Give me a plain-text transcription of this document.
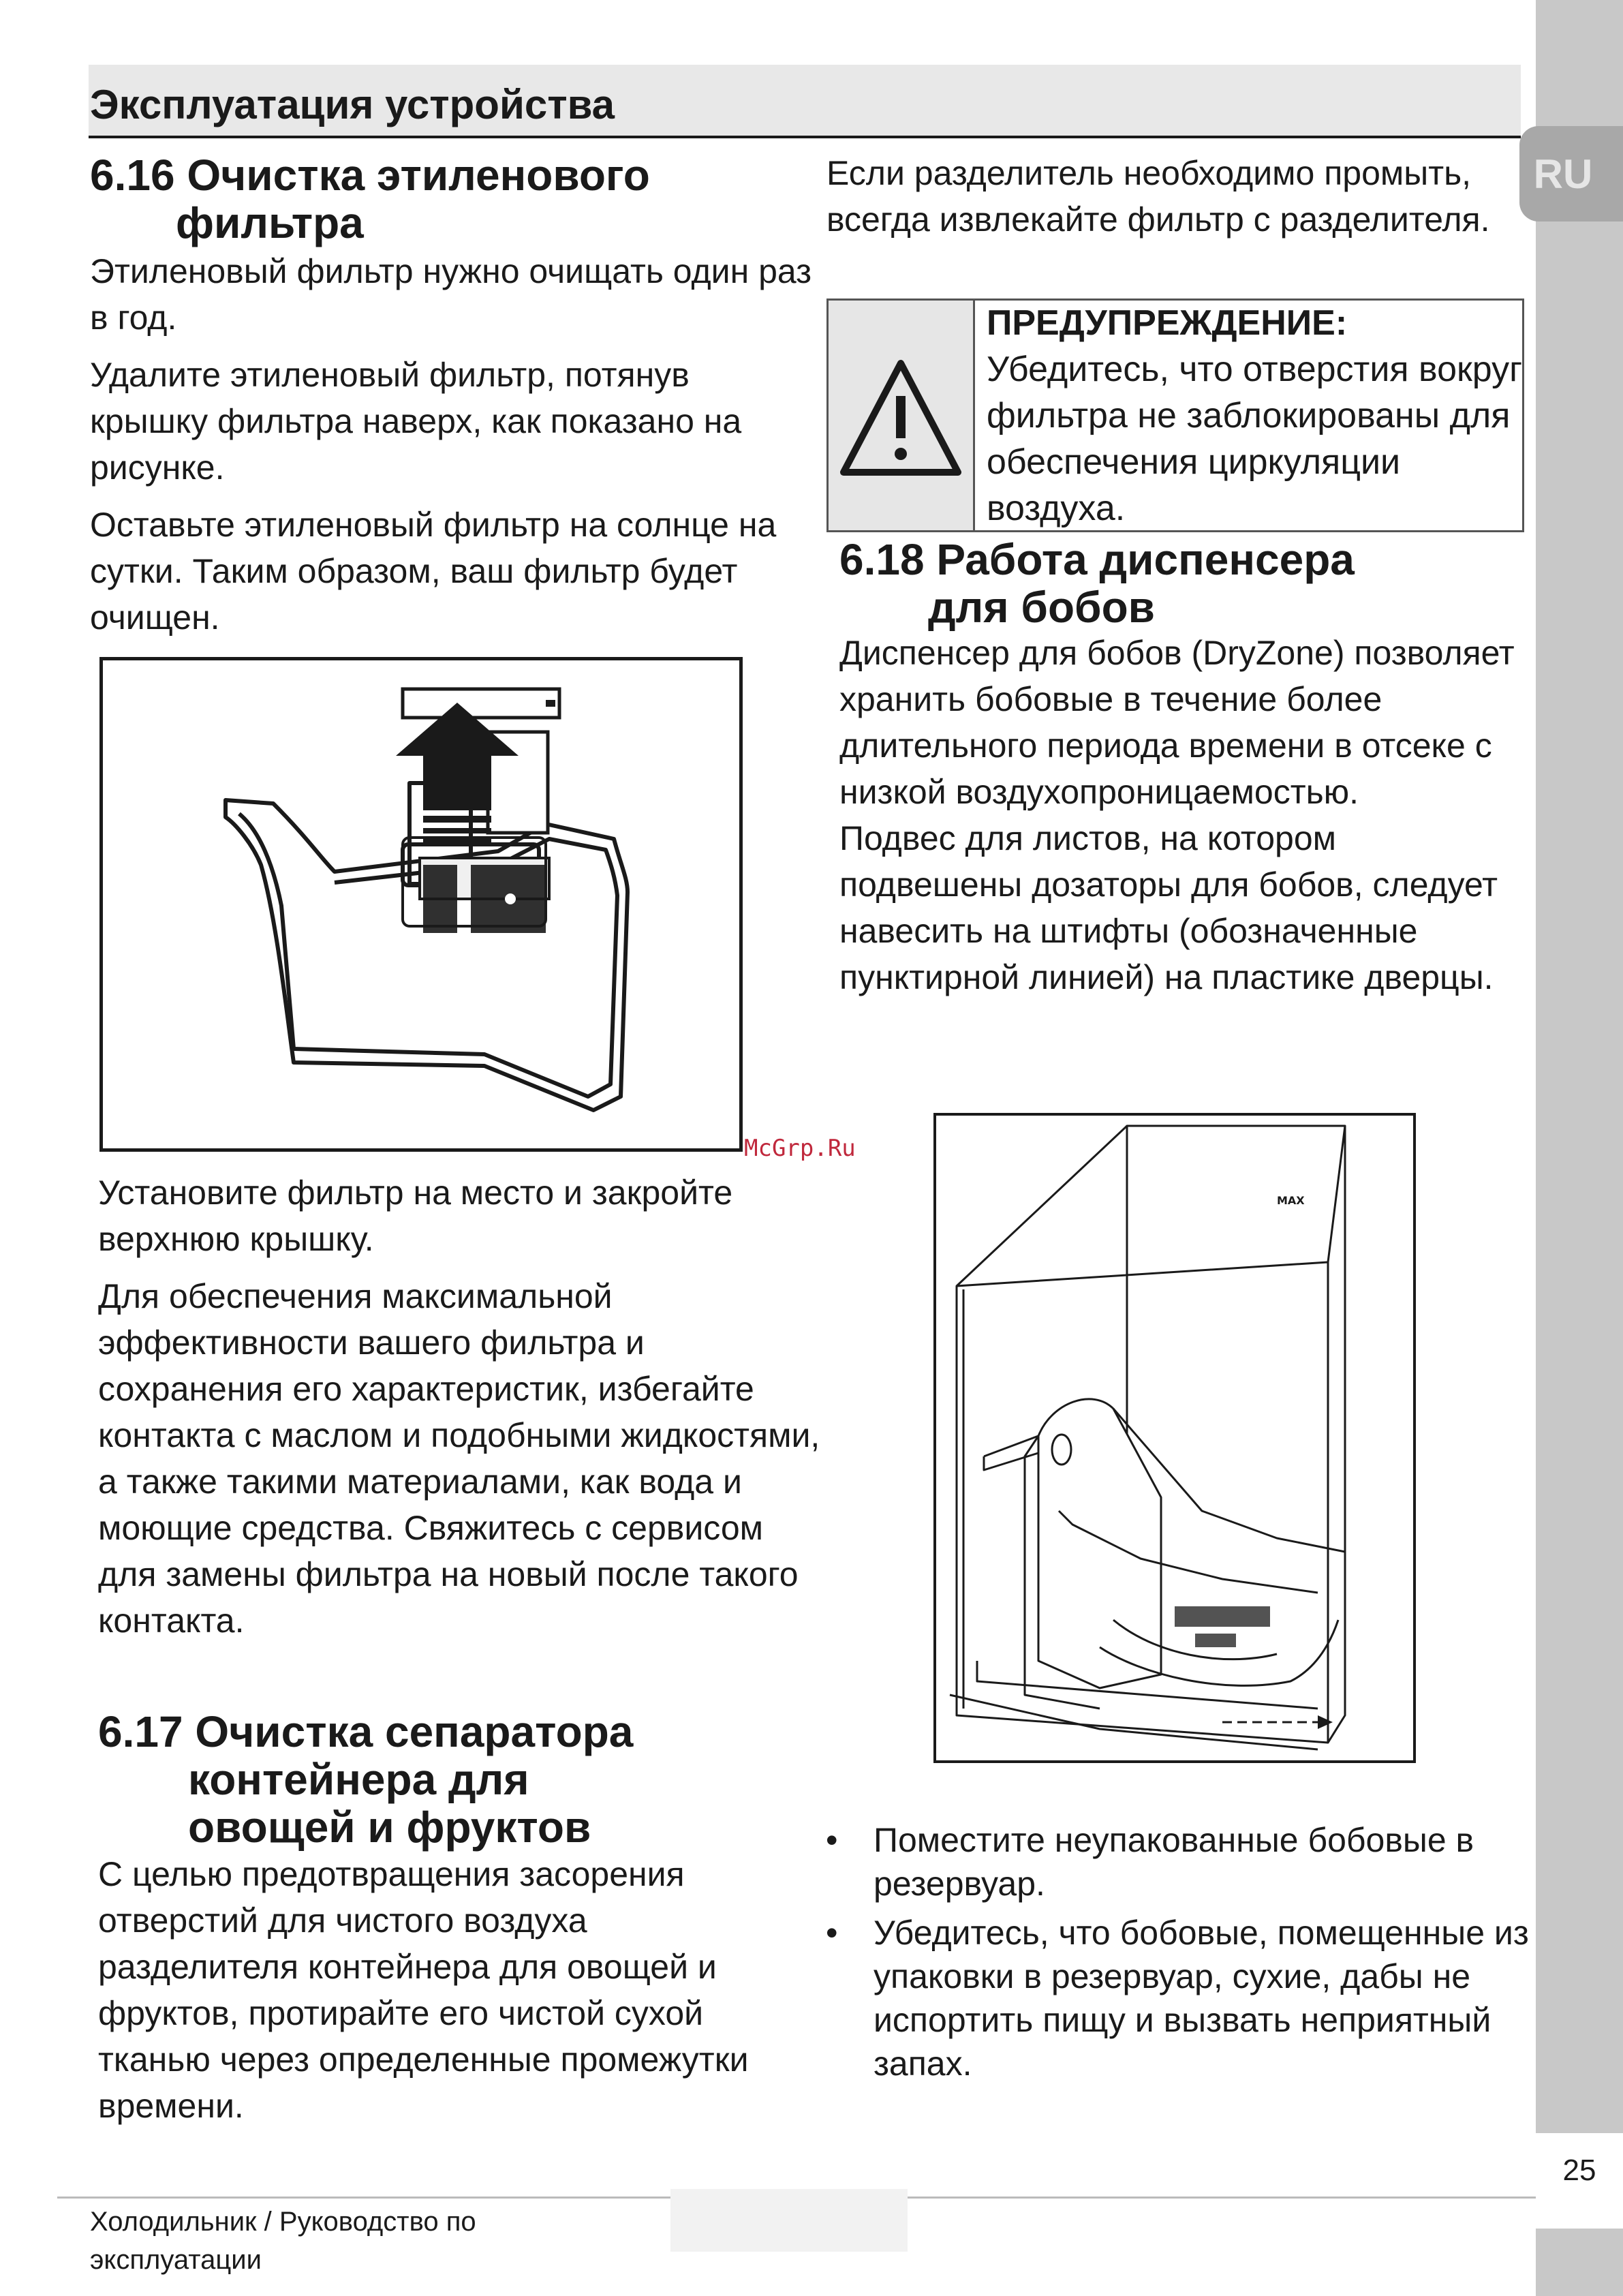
RU
Эксплуатация устройства
6.16 Очистка этиленового
фильтра
Этиленовый фильтр нужно очищать один раз в год.
Удалите этиленовый фильтр, потянув крышку фильтра наверх, как показано на рисунке.
Оставьте этиленовый фильтр на солнце на сутки. Таким образом, ваш фильтр будет очищен.
McGrp.Ru
Установите фильтр на место и закройте верхнюю крышку.
Для обеспечения максимальной эффективности вашего фильтра и сохранения его характеристик, избегайте контакта с маслом и подобными жидкостями, а также такими материалами, как вода и моющие средства. Свяжитесь с сервисом для замены фильтра на новый после такого контакта.
6.17 Очистка сепаратора
контейнера для
овощей и фруктов
С целью предотвращения засорения отверстий для чистого воздуха разделителя контейнера для овощей и фруктов, протирайте его чистой сухой тканью через определенные промежутки времени.
Если разделитель необходимо промыть, всегда извлекайте фильтр с разделителя.
ПРЕДУПРЕЖДЕНИЕ: Убедитесь, что отверстия вокруг фильтра не заблокированы для обеспечения циркуляции воздуха.
6.18 Работа диспенсера
для бобов
Диспенсер для бобов (DryZone) позволяет хранить бобовые в течение более длительного периода времени в отсеке с низкой воздухопроницаемостью.
Подвес для листов, на котором подвешены дозаторы для бобов, следует навесить на штифты (обозначенные пунктирной линией) на пластике дверцы.
MAX
• Поместите неупакованные бобовые в резервуар.
• Убедитесь, что бобовые, помещенные из упаковки в резервуар, сухие, дабы не испортить пищу и вызвать неприятный запах.
25
Холодильник / Руководство по
эксплуатации
